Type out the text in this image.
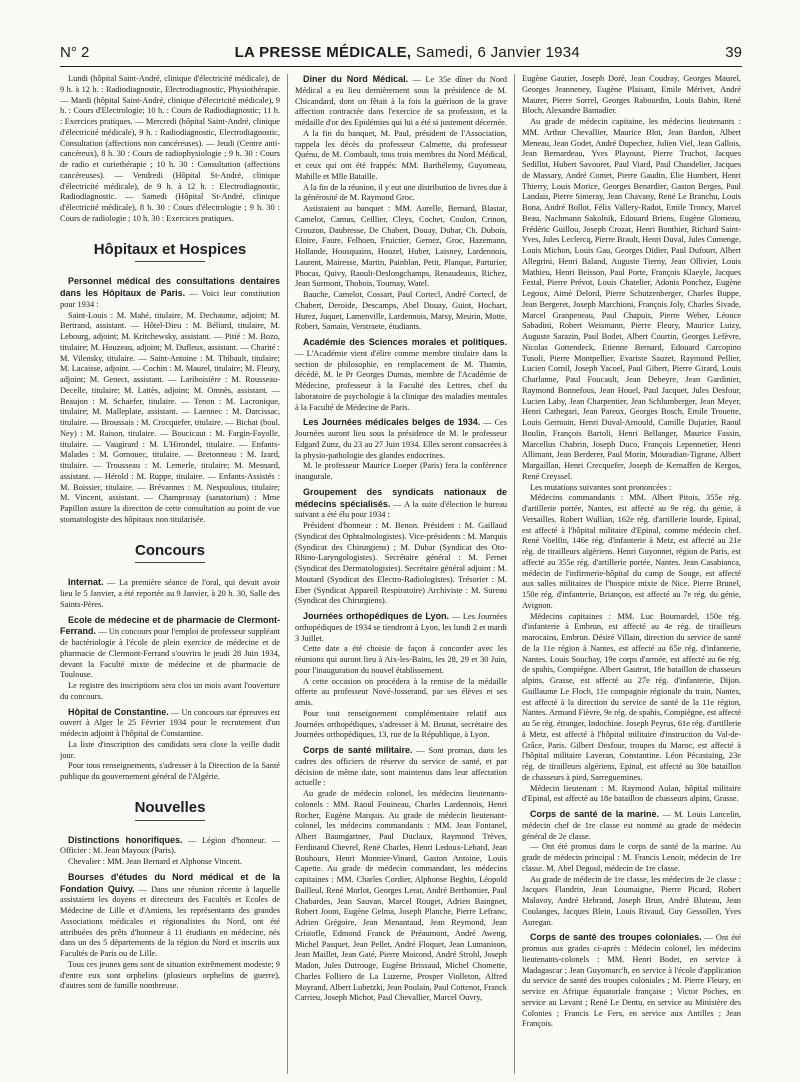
N° 2	LA PRESSE MÉDICALE, Samedi, 6 Janvier 1934	39

Lundi (hôpital Saint-André, clinique d'électricité médicale), de 9 h. à 12 h. : Radiodiagnostic, Electrodiagnostic, Physiothérapie. — Mardi (hôpital Saint-André, clinique d'électricité médicale), 9 h. : Cours d'Electrologie; 10 h. : Cours de Radiodiagnostic; 11 h. : Exercices pratiques. — Mercredi (hôpital Saint-André, clinique d'électricité médicale), 9 h. : Radiodiagnostic, Electrodiagnostic, Consultation (affections non cancéreuses). — Jeudi (Centre anti-cancéreux), 8 h. 30 : Cours de radiophysiologie ; 9 h. 30 : Cours de radio et curiethérapie ; 10 h. 30 : Consultation (affections cancéreuses). — Vendredi (Hôpital St-André, clinique d'électricité médicale), de 9 h. à 12 h. : Electrodiagnostic, Radiodiagnostic. — Samedi (Hôpital St-André, clinique d'électricité médicale), 8 h. 30 : Cours d'électrologie ; 9 h. 30 : Cours de radiologie ; 10 h. 30 : Exercices pratiques.

Hôpitaux et Hospices

Personnel médical des consultations dentaires dans les Hôpitaux de Paris. — Voici leur constitution pour 1934 :

Saint-Louis : M. Mahé, titulaire, M. Dechaume, adjoint; M. Bertrand, assistant. — Hôtel-Dieu : M. Béliard, titulaire, M. Lebourg, adjoint; M. Kritchewsky, assistant. — Pitié : M. Bozo, titulaire; M. Houzeau, adjoint; M. Dufleux, assistant. — Charité : M. Vilensky, titulaire. — Saint-Antoine : M. Thibault, titulaire; M. Lacaisse, adjoint. — Cochin : M. Maurel, titulaire; M. Fleury, adjoint; M. Genect, assistant. — Lariboisière : M. Rousseau-Decelle, titulaire; M. Lattès, adjoint; M. Omnès, assistant. — Beaujon : M. Schaefer, titulaire. — Tenon : M. Lacronique, titulaire; M. Malleplate, assistant. — Laennec : M. Darcissac, titulaire. — Broussais : M. Crocquefer, titulaire. — Bichat (boul. Ney) : M. Raison, titulaire. — Boucicaut : M. Fargin-Fayolle, titulaire. — Vaugirard : M. L'Hirondel, titulaire. — Enfants-Malades : M. Gornouec, titulaire. — Bretonneau : M. Izard, titulaire. — Trousseau : M. Lemerle, titulaire; M. Mesnard, assistant. — Hérold : M. Ruppe, titulaire. — Enfants-Assistés : M. Boissier, titulaire. — Brévannes : M. Nespoulous, titulaire; M. Vincent, assistant. — Champrosay (sanatorium) : Mme Papillon assure la direction de cette consultation au point de vue stomatologiste des hôpitaux non titularisée.

Concours

Internat. — La première séance de l'oral, qui devait avoir lieu le 5 Janvier, a été reportée au 9 Janvier, à 20 h. 30, Salle des Saints-Pères.

Ecole de médecine et de pharmacie de Clermont-Ferrand. — Un concours pour l'emploi de professeur suppléant de bactériologie à l'école de plein exercice de médecine et de pharmacie de Clermont-Ferrand s'ouvrira le jeudi 28 Juin 1934, devant la Faculté mixte de médecine et de pharmacie de Toulouse.

Le registre des inscriptions sera clos un mois avant l'ouverture du concours.

Hôpital de Constantine. — Un concours sur épreuves est ouvert à Alger le 25 Février 1934 pour le recrutement d'un médecin adjoint à l'hôpital de Constantine.

La liste d'inscription des candidats sera close la veille dudit jour.

Pour tous renseignements, s'adresser à la Direction de la Santé publique du gouvernement général de l'Algérie.

Nouvelles

Distinctions honorifiques. — Légion d'honneur. — Officier : M. Jean Mayoux (Paris).

Chevalier : MM. Jean Bernard et Alphonse Vincent.

Bourses d'études du Nord médical et de la Fondation Quivy. — Dans une réunion récente à laquelle assistaient les doyens et directeurs des Facultés et Ecoles de Médecine de Lille et d'Amiens, les représentants des grandes Associations médicales et régionalistes du Nord, ont été attribuées des prêts d'honneur à 11 étudiants en médecine, nés dans un des 5 départements de la région du Nord et inscrits aux Facultés de Paris ou de Lille.

Tous ces jeunes gens sont de situation extrêmement modeste; 9 d'entre eux sont orphelins (plusieurs orphelins de guerre), d'autres sont de famille nombreuse.

Dîner du Nord Médical. — Le 35e dîner du Nord Médical a eu lieu dernièrement sous la présidence de M. Chicandard, dont on fêtait à la fois la guérison de la grave affection contractée dans l'exercice de sa profession, et la médaille d'or des Epidémies qui lui a été si justement décernée.

A la fin du banquet, M. Paul, président de l'Association, rappela les décès du professeur Calmette, du professeur Quénu, de M. Combault, tous trois membres du Nord Médical, et ceux qui ont été frappés: MM. Barthélemy, Guyomeau, Mabille et Mlle Bataille.

A la fin de la réunion, il y eut une distribution de livres due à la générosité de M. Raymond Groc.

Assistaient au banquet : MM. Aurelle, Bernard, Blastar, Camelot, Camus, Ceillier, Cleys, Cochet, Coulon, Crinon, Crouzon, Daubresse, De Chabert, Douay, Dubar, Ch. Dubois, Eloire, Faure, Felhoen, Fruictier, Gernez, Groc, Hazemann, Hollande, Housquains, Houzel, Huber, Laisney, Lardennois, Laurent, Mairesse, Martin, Painblan, Petit, Planque, Parturier, Phocas, Quivy, Raoult-Deslongchamps, Renaudeaux, Richez, Jean Surmont, Thobois, Tournay, Watel.

Bauche, Camelot, Cossart, Paul Cortecl, André Cortecl, de Chabert, Deroide, Descamps, Abel Douay, Guiot, Hochart, Hurez, Juquet, Lamenville, Lardennois, Marsy, Meurin, Motte, Robert, Samain, Verstraete, étudiants.

Académie des Sciences morales et politiques. — L'Académie vient d'élire comme membre titulaire dans la section de philosophie, en remplacement de M. Thamin, décédé, M. le Pr Georges Dumas, membre de l'Académie de Médecine, professeur à la Faculté des Lettres, chef du laboratoire de psychologie à la clinique des maladies mentales à la Faculté de Médecine de Paris.

Les Journées médicales belges de 1934. — Ces Journées auront lieu sous la présidence de M. le professeur Edgard Zunz, du 23 au 27 Juin 1934. Elles seront consacrées à la physio-pathologie des glandes endocrines.

M. le professeur Maurice Loeper (Paris) fera la conférence inaugurale.

Groupement des syndicats nationaux de médecins spécialisés. — A la suite d'élection le bureau suivant a été élu pour 1934 :

Président d'honneur : M. Benon. Président : M. Gaillaud (Syndicat des Ophtalmologistes). Vice-présidents : M. Marquis (Syndicat des Chirurgiens) ; M. Dubar (Syndicat des Oto-Rhino-Laryngologistes). Secrétaire général : M. Fernet (Syndicat des Dermatologistes). Secrétaire général adjoint : M. Moutard (Syndicat des Electro-Radiologistes). Trésorier : M. Eber (Syndicat Appareil Respiratoire) Archiviste : M. Sureau (Syndicat des Chirurgiens).

Journées orthopédiques de Lyon. — Les Journées orthopédiques de 1934 se tiendront à Lyon, les lundi 2 et mardi 3 Juillet.

Cette date a été choisie de façon à concorder avec les réunions qui auront lieu à Aix-les-Bains, les 28, 29 et 30 Juin, pour l'inauguration du nouvel établissement.

A cette occasion on procédera à la remise de la médaille offerte au professeur Nové-Josserand, par ses élèves et ses amis.

Pour tout renseignement complémentaire relatif aux Journées orthopédiques, s'adresser à M. Brunat, secrétaire des Journées orthopédiques, 13, rue de la République, à Lyon.

Corps de santé militaire. — Sont promus, dans les cadres des officiers de réserve du service de santé, et par décision de même date, sont maintenus dans leur affectation actuelle :

Au grade de médecin colonel, les médecins lieutenants-colonels : MM. Raoul Fouineau, Charles Lardennois, Henri Rocher, Eugène Marquis. Au grade de médecin lieutenant-colonel, les médecins commandants : MM. Jean Fontanel, Albert Baumgartner, Paul Duclaux, Raymond Trèves, Ferdinand Chevrel, René Charles, Henri Ledoux-Lebard, Jean Bouhours, Henri Monnier-Vinard, Gaston Antoine, Louis Capette. Au grade de médecin commandant, les médecins capitaines : MM. Charles Cordier, Alphonse Beghin, Léopold Bailleul, René Morlot, Georges Lerat, André Berthomier, Paul Chabardes, Jean Sauvan, Marcel Rouget, Adrien Baingnet, Robert Joom, Eugène Gelma, Joseph Planche, Pierre Lefranc, Adrien Grégoire, Jean Menantaud, Jean Reymond, Jean Cristofle, Edmond Franck de Préaumont, André Aweng, Michel Pasquet, Jean Pellet, André Floquet, Jean Lumanison, Jean Maillet, Jean Gaté, Pierre Moirond, André Strohl, Joseph Madon, Jules Dutrouge, Eugène Brissaud, Michel Chomette, Charles Folliero de La Luzerne, Prosper Violleton, Alfred Moyrand, Albert Lubetzki, Jean Poulain, Paul Cottenot, Franck Carrieu, Joseph Michot, Paul Chevallier, Marcel Ouvry,

Eugène Gautier, Joseph Doré, Jean Coudray, Georges Maurel, Georges Jeanneney, Eugène Plaisant, Emile Mérivet, André Maurer, Pierre Sorrel, Georges Rabourdin, Louis Babin, René Bloch, Alexandre Bamadier.

Au grade de médecin capitaine, les médecins lieutenants : MM. Arthur Chevallier, Maurice Blot, Jean Bardon, Albert Meneau, Jean Godet, André Dupechez, Julien Viel, Jean Gallois, Jean Bernardeau, Yves Playoust, Pierre Truchot, Jacques Sedillot, Hubert Savouret, Paul Viard, Paul Chandelier, Jacques de Massary, André Comet, Pierre Gaudin, Elie Humbert, Henri Thierry, Louis Morice, Georges Benardier, Gaston Berges, Paul Landais, Pierre Simeray, Jean Chavany, René Le Branchu, Louis Bona, André Bollot, Félix Vallery-Radot, Emile Troncy, Marcel Beau, Nachmann Sakolnik, Edouard Briens, Eugène Glomeau, Frédéric Guillou, Joseph Crozat, Henri Bonthier, Richard Saint-Yves, Jules Leclercq, Pierre Brault, Henri Duval, Jules Cumenge, Louis Michon, Louis Gau, Georges Didier, Paul Dufourt, Albert Allegrini, Henri Baland, Auguste Tierny, Jean Ollivier, Louis Mathieu, Henri Beisson, Paul Porte, François Klaeyle, Jacques Festal, Pierre Prévot, Louis Chatelier, Adonis Ponchez, Eugène Legoux, Aimé Delord, Pierre Schutzenberger, Charles Buppe, Jean Bergeret, Joseph Marchioni, François Joly, Charles Sivade, Marcel Granpeneau, Paul Chapuis, Pierre Weber, Léonce Sabadini, Robert Weismann, Pierre Fleury, Maurice Luizy, Auguste Sarazin, Paul Bodet, Albert Courtin, Georges Lefèvre, Nicolas Gottendeck, Etienne Bernard, Edouard Carcopino Tusoli, Pierre Montpellier, Evariste Sauzet, Raymond Pellier, Lucien Cornil, Joseph Yacoel, Paul Gibert, Pierre Girard, Louis Charlanne, Paul Foucault, Jean Debeyre, Jean Gardinier, Raymond Bonnefous, Jean Houel, Paul Jacquet, Jules Desfour, Lucien Laby, Jean Charpentier, Jean Schlumberger, Jean Meyer, Henri Cathegari, Jean Pareux, Georges Bosch, Emile Trouette, Louis Germain, Henri Duval-Arnould, Camille Dujarier, Raoul Boulin, François Bartoli, Henri Bellanger, Maurice Fassin, Marcellus Chabrin, Joseph Duco, François Lepennetier, Henri Allimant, Jean Berderer, Paul Morin, Mouradian-Tigrane, Albert Margaillan, Henri Crecquefer, Joseph de Kernaffen de Kergos, René Creyssel.

Les mutations suivantes sont prononcées :

Médecins commandants : MM. Albert Pitois, 355e rég. d'artillerie portée, Nantes, est affecté au 9e rég. du génie, à Versailles. Robert Wullian, 162e rég. d'artillerie lourde, Epinal, est affecté à l'hôpital militaire d'Epinal, comme médecin chef. René Voelfin, 146e rég. d'infanterie à Metz, est affecté au 21e rég. de tirailleurs algériens. Henri Guyonnet, région de Paris, est affecté au 355e rég. d'artillerie portée, Nantes. Jean Casabianca, médecin de l'infirmerie-hôpital du camp de Souge, est affecté aux salles militaires de l'hospice mixte de Nice. Pierre Brunel, 150e rég. d'infanterie, Briançon, est affecté au 7e rég. du génie, Avignon.

Médecins capitaines : MM. Luc Boumardel, 150e rég. d'infanterie à Embrun, est affecté au 4e rég. de tirailleurs marocains, Embrun. Désiré Villain, direction du service de santé de la 11e région à Nantes, est affecté au 65e rég. d'infanterie, Nantes. Louis Souchay, 19e corps d'armée, est affecté au 6e rég. de spahis, Compiègne. Albert Gautrot, 18e bataillon de chasseurs alpins, Grasse, est affecté au 27e rég. d'infanterie, Dijon. Guillaume Le Floch, 11e compagnie régionale du train, Nantes, est affecté à la direction du service de santé de la 11e région, Nantes. Armand Fièvre, 9e rég. de spahis, Compiègne, est affecté au 5e rég. étranger, Indochine. Joseph Peyrus, 61e rég. d'artillerie à Metz, est affecté à l'hôpital militaire d'instruction du Val-de-Grâce, Paris. Gilbert Desfour, troupes du Maroc, est affecté à l'hôpital militaire Laveran, Constantine. Léon Pécastaing, 23e rég. de tirailleurs algériens, Epinal, est affecté au 30e bataillon de chasseurs à pied, Sarreguemines.

Médecin lieutenant : M. Raymond Aulan, hôpital militaire d'Epinal, est affecté au 18e bataillon de chasseurs alpins, Grasse.

Corps de santé de la marine. — M. Louis Lancelin, médecin chef de 1re classe est nommé au grade de médecin général de 2e classe.

— Ont été promus dans le corps de santé de la marine. Au grade de médecin principal : M. Francis Lenoir, médecin de 1re classe. M. Abel Degoul, médecin de 1re classe.

Au grade de médecin de 1re classe, les médecins de 2e classe : Jacques Flandrin, Jean Loumaigne, Pierre Picard, Robert Malavoy, André Hebrand, Joseph Brun, André Bluteau, Jean Coulanges, Jacques Blein, Louis Rivaud, Guy Gessollen, Yves Auregan.

Corps de santé des troupes coloniales. — Ont été promus aux grades ci-après : Médecin colonel, les médecins lieutenants-colonels : MM. Henri Bodet, en service à Madagascar ; Jean Guyomarc'h, en service à l'école d'application du service de santé des troupes coloniales ; M. Pierre Fleury, en service en Afrique équatoriale française ; Victor Poches, en service au Levant ; René Le Dentu, en service au Ministère des Colonies ; Francis Le Fers, en service aux Antilles ; Jean François.
